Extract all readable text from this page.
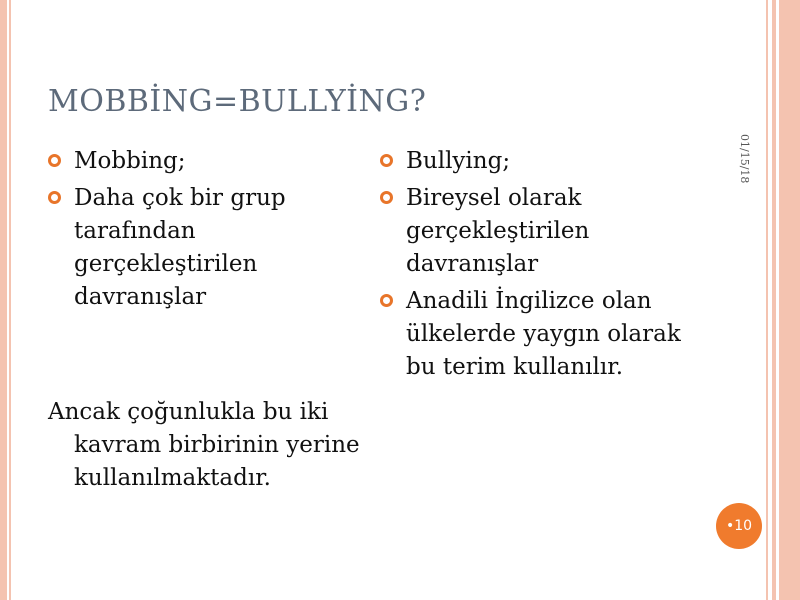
MOBBİNG=BULLYİNG?
01/15/18
Mobbing;
Daha çok bir grup tarafından gerçekleştirilen davranışlar
Ancak çoğunlukla bu iki kavram birbirinin yerine kullanılmaktadır.
Bullying;
Bireysel olarak gerçekleştirilen davranışlar
Anadili İngilizce olan ülkelerde yaygın olarak bu terim kullanılır.
•10
